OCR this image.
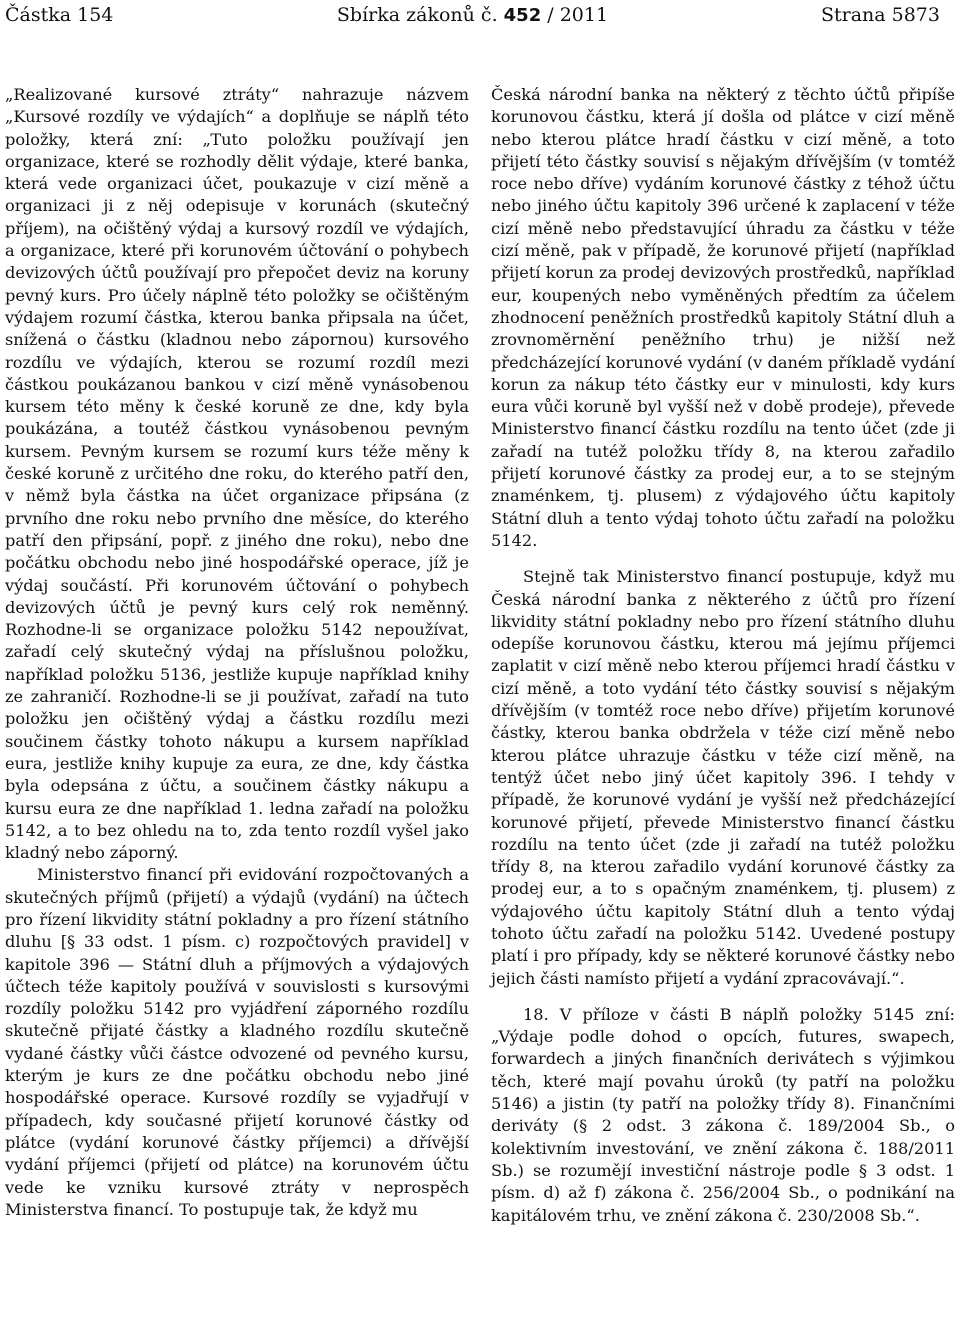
Částka 154	Sbírka zákonů č. 452 / 2011	Strana 5873

„Realizované kursové ztráty“ nahrazuje názvem „Kursové rozdíly ve výdajích“ a doplňuje se náplň této položky, která zní: „Tuto položku používají jen organizace, které se rozhodly dělit výdaje, které banka, která vede organizaci účet, poukazuje v cizí měně a organizaci ji z něj odepisuje v korunách (skutečný příjem), na očištěný výdaj a kursový rozdíl ve výdajích, a organizace, které při korunovém účtování o pohybech devizových účtů používají pro přepočet deviz na koruny pevný kurs. Pro účely náplně této položky se očištěným výdajem rozumí částka, kterou banka připsala na účet, snížená o částku (kladnou nebo zápornou) kursového rozdílu ve výdajích, kterou se rozumí rozdíl mezi částkou poukázanou bankou v cizí měně vynásobenou kursem této měny k české koruně ze dne, kdy byla poukázána, a toutéž částkou vynásobenou pevným kursem. Pevným kursem se rozumí kurs téže měny k české koruně z určitého dne roku, do kterého patří den, v němž byla částka na účet organizace připsána (z prvního dne roku nebo prvního dne měsíce, do kterého patří den připsání, popř. z jiného dne roku), nebo dne počátku obchodu nebo jiné hospodářské operace, jíž je výdaj součástí. Při korunovém účtování o pohybech devizových účtů je pevný kurs celý rok neměnný. Rozhodne-li se organizace položku 5142 nepoužívat, zařadí celý skutečný výdaj na příslušnou položku, například položku 5136, jestliže kupuje například knihy ze zahraničí. Rozhodne-li se ji používat, zařadí na tuto položku jen očištěný výdaj a částku rozdílu mezi součinem částky tohoto nákupu a kursem například eura, jestliže knihy kupuje za eura, ze dne, kdy částka byla odepsána z účtu, a součinem částky nákupu a kursu eura ze dne například 1. ledna zařadí na položku 5142, a to bez ohledu na to, zda tento rozdíl vyšel jako kladný nebo záporný.

Ministerstvo financí při evidování rozpočtovaných a skutečných příjmů (přijetí) a výdajů (vydání) na účtech pro řízení likvidity státní pokladny a pro řízení státního dluhu [§ 33 odst. 1 písm. c) rozpočtových pravidel] v kapitole 396 — Státní dluh a příjmových a výdajových účtech téže kapitoly používá v souvislosti s kursovými rozdíly položku 5142 pro vyjádření záporného rozdílu skutečně přijaté částky a kladného rozdílu skutečně vydané částky vůči částce odvozené od pevného kursu, kterým je kurs ze dne počátku obchodu nebo jiné hospodářské operace. Kursové rozdíly se vyjadřují v případech, kdy současné přijetí korunové částky od plátce (vydání korunové částky příjemci) a dřívější vydání příjemci (přijetí od plátce) na korunovém účtu vede ke vzniku kursové ztráty v neprospěch Ministerstva financí. To postupuje tak, že když mu

Česká národní banka na některý z těchto účtů připíše korunovou částku, která jí došla od plátce v cizí měně nebo kterou plátce hradí částku v cizí měně, a toto přijetí této částky souvisí s nějakým dřívějším (v tomtéž roce nebo dříve) vydáním korunové částky z téhož účtu nebo jiného účtu kapitoly 396 určené k zaplacení v téže cizí měně nebo představující úhradu za částku v téže cizí měně, pak v případě, že korunové přijetí (například přijetí korun za prodej devizových prostředků, například eur, koupených nebo vyměněných předtím za účelem zhodnocení peněžních prostředků kapitoly Státní dluh a zrovnoměrnění peněžního trhu) je nižší než předcházející korunové vydání (v daném příkladě vydání korun za nákup této částky eur v minulosti, kdy kurs eura vůči koruně byl vyšší než v době prodeje), převede Ministerstvo financí částku rozdílu na tento účet (zde ji zařadí na tutéž položku třídy 8, na kterou zařadilo přijetí korunové částky za prodej eur, a to se stejným znaménkem, tj. plusem) z výdajového účtu kapitoly Státní dluh a tento výdaj tohoto účtu zařadí na položku 5142.

Stejně tak Ministerstvo financí postupuje, když mu Česká národní banka z některého z účtů pro řízení likvidity státní pokladny nebo pro řízení státního dluhu odepíše korunovou částku, kterou má jejímu příjemci zaplatit v cizí měně nebo kterou příjemci hradí částku v cizí měně, a toto vydání této částky souvisí s nějakým dřívějším (v tomtéž roce nebo dříve) přijetím korunové částky, kterou banka obdržela v téže cizí měně nebo kterou plátce uhrazuje částku v téže cizí měně, na tentýž účet nebo jiný účet kapitoly 396. I tehdy v případě, že korunové vydání je vyšší než předcházející korunové přijetí, převede Ministerstvo financí částku rozdílu na tento účet (zde ji zařadí na tutéž položku třídy 8, na kterou zařadilo vydání korunové částky za prodej eur, a to s opačným znaménkem, tj. plusem) z výdajového účtu kapitoly Státní dluh a tento výdaj tohoto účtu zařadí na položku 5142. Uvedené postupy platí i pro případy, kdy se některé korunové částky nebo jejich části namísto přijetí a vydání zpracovávají.“.

18. V příloze v části B náplň položky 5145 zní: „Výdaje podle dohod o opcích, futures, swapech, forwardech a jiných finančních derivátech s výjimkou těch, které mají povahu úroků (ty patří na položku 5146) a jistin (ty patří na položky třídy 8). Finančními deriváty (§ 2 odst. 3 zákona č. 189/2004 Sb., o kolektivním investování, ve znění zákona č. 188/2011 Sb.) se rozumějí investiční nástroje podle § 3 odst. 1 písm. d) až f) zákona č. 256/2004 Sb., o podnikání na kapitálovém trhu, ve znění zákona č. 230/2008 Sb.“.
